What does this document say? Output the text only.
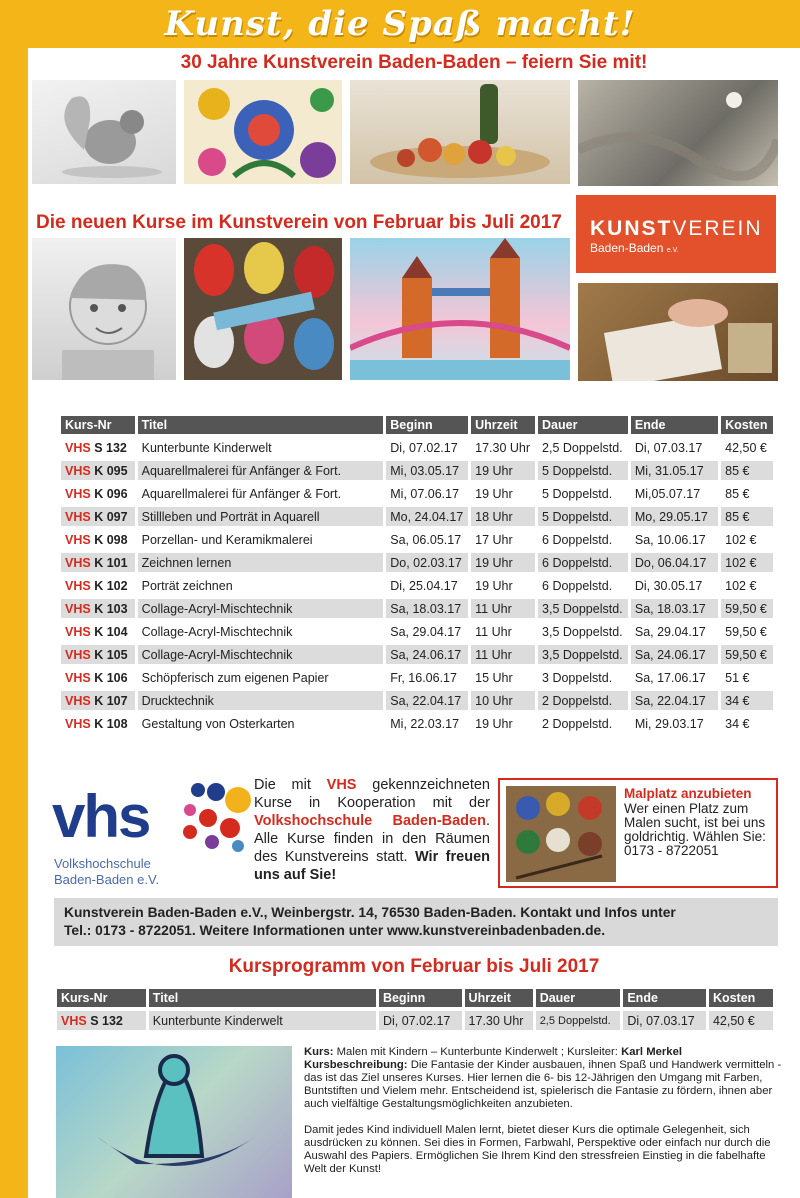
Kunst, die Spaß macht!
30 Jahre Kunstverein Baden-Baden – feiern Sie mit!
Die neuen Kurse im Kunstverein von Februar bis Juli 2017	KUNSTVEREIN
Baden-Baden e.V.
Kurs-Nr	Titel	Beginn	Uhrzeit	Dauer	Ende	Kosten
VHS S 132	Kunterbunte Kinderwelt	Di, 07.02.17	17.30 Uhr	2,5 Doppelstd.	Di, 07.03.17	42,50 €
VHS K 095	Aquarellmalerei für Anfänger & Fort.	Mi, 03.05.17	19 Uhr	5 Doppelstd.	Mi, 31.05.17	85 €
VHS K 096	Aquarellmalerei für Anfänger & Fort.	Mi, 07.06.17	19 Uhr	5 Doppelstd.	Mi,05.07.17	85 €
VHS K 097	Stillleben und Porträt in Aquarell	Mo, 24.04.17	18 Uhr	5 Doppelstd.	Mo, 29.05.17	85 €
VHS K 098	Porzellan- und Keramikmalerei	Sa, 06.05.17	17 Uhr	6 Doppelstd.	Sa, 10.06.17	102 €
VHS K 101	Zeichnen lernen	Do, 02.03.17	19 Uhr	6 Doppelstd.	Do, 06.04.17	102 €
VHS K 102	Porträt zeichnen	Di, 25.04.17	19 Uhr	6 Doppelstd.	Di, 30.05.17	102 €
VHS K 103	Collage-Acryl-Mischtechnik	Sa, 18.03.17	11 Uhr	3,5 Doppelstd.	Sa, 18.03.17	59,50 €
VHS K 104	Collage-Acryl-Mischtechnik	Sa, 29.04.17	11 Uhr	3,5 Doppelstd.	Sa, 29.04.17	59,50 €
VHS K 105	Collage-Acryl-Mischtechnik	Sa, 24.06.17	11 Uhr	3,5 Doppelstd.	Sa, 24.06.17	59,50 €
VHS K 106	Schöpferisch zum eigenen Papier	Fr, 16.06.17	15 Uhr	3 Doppelstd.	Sa, 17.06.17	51 €
VHS K 107	Drucktechnik	Sa, 22.04.17	10 Uhr	2 Doppelstd.	Sa, 22.04.17	34 €
VHS K 108	Gestaltung von Osterkarten	Mi, 22.03.17	19 Uhr	2 Doppelstd.	Mi, 29.03.17	34 €
vhs
Volkshochschule
Baden-Baden e.V.
Die mit VHS gekennzeichneten Kurse in Kooperation mit der Volkshochschule Baden-Baden. Alle Kurse finden in den Räumen des Kunstvereins statt. Wir freuen uns auf Sie!
Malplatz anzubieten
Wer einen Platz zum Malen sucht, ist bei uns goldrichtig. Wählen Sie:
0173 - 8722051
Kunstverein Baden-Baden e.V., Weinbergstr. 14, 76530 Baden-Baden. Kontakt und Infos unter
Tel.: 0173 - 8722051. Weitere Informationen unter www.kunstvereinbadenbaden.de.
Kursprogramm von Februar bis Juli 2017
Kurs-Nr	Titel	Beginn	Uhrzeit	Dauer	Ende	Kosten
VHS S 132	Kunterbunte Kinderwelt	Di, 07.02.17	17.30 Uhr	2,5 Doppelstd.	Di, 07.03.17	42,50 €

Kurs: Malen mit Kindern – Kunterbunte Kinderwelt ; Kursleiter: Karl Merkel
Kursbeschreibung: Die Fantasie der Kinder ausbauen, ihnen Spaß und Handwerk vermitteln - das ist das Ziel unseres Kurses. Hier lernen die 6- bis 12-Jährigen den Umgang mit Farben, Buntstiften und Vielem mehr. Entscheidend ist, spielerisch die Fantasie zu fördern, ihnen aber auch vielfältige Gestaltungsmöglichkeiten anzubieten.

Damit jedes Kind individuell Malen lernt, bietet dieser Kurs die optimale Gelegenheit, sich ausdrücken zu können. Sei dies in Formen, Farbwahl, Perspektive oder einfach nur durch die Auswahl des Papiers. Ermöglichen Sie Ihrem Kind den stressfreien Einstieg in die fabelhafte Welt der Kunst!
